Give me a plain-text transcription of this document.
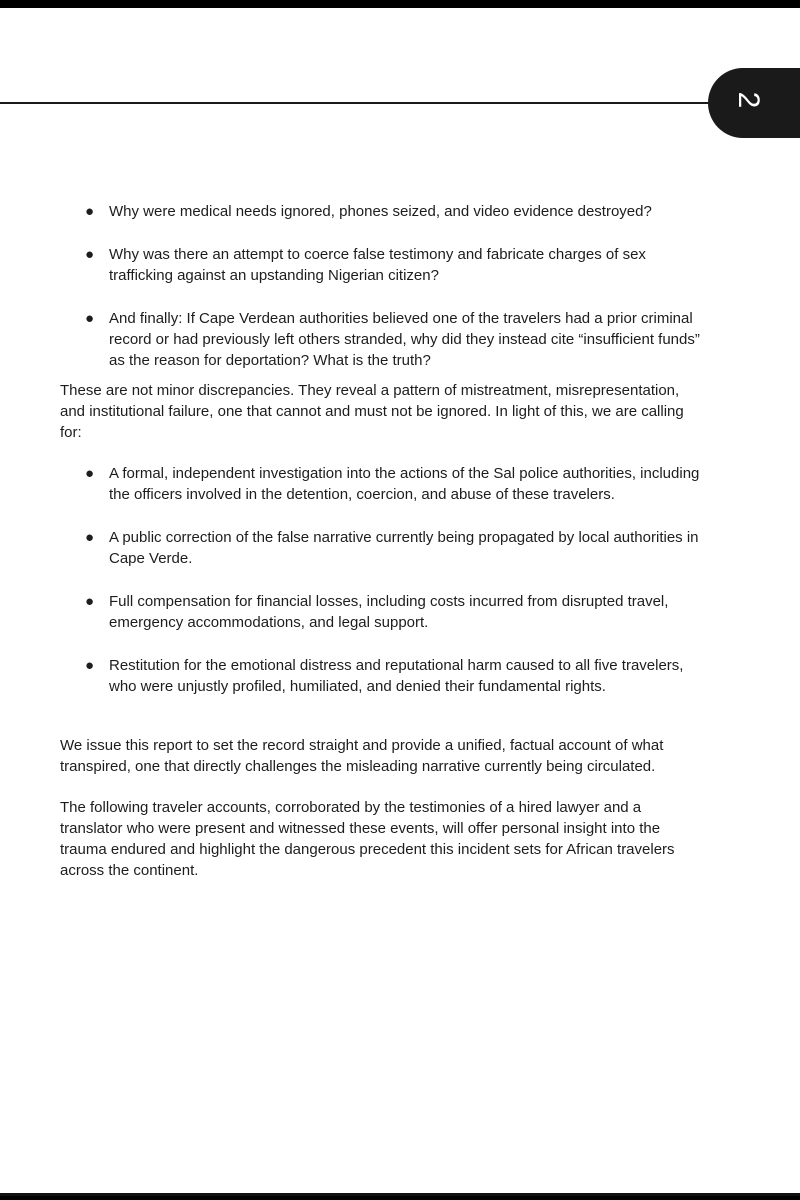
2
● Why were medical needs ignored, phones seized, and video evidence destroyed?
● Why was there an attempt to coerce false testimony and fabricate charges of sex trafficking against an upstanding Nigerian citizen?
● And finally: If Cape Verdean authorities believed one of the travelers had a prior criminal record or had previously left others stranded, why did they instead cite “insufficient funds” as the reason for deportation? What is the truth?

These are not minor discrepancies. They reveal a pattern of mistreatment, misrepresentation, and institutional failure, one that cannot and must not be ignored. In light of this, we are calling for:

● A formal, independent investigation into the actions of the Sal police authorities, including the officers involved in the detention, coercion, and abuse of these travelers.
● A public correction of the false narrative currently being propagated by local authorities in Cape Verde.
● Full compensation for financial losses, including costs incurred from disrupted travel, emergency accommodations, and legal support.
● Restitution for the emotional distress and reputational harm caused to all five travelers, who were unjustly profiled, humiliated, and denied their fundamental rights.

We issue this report to set the record straight and provide a unified, factual account of what transpired, one that directly challenges the misleading narrative currently being circulated.

The following traveler accounts, corroborated by the testimonies of a hired lawyer and a translator who were present and witnessed these events, will offer personal insight into the trauma endured and highlight the dangerous precedent this incident sets for African travelers across the continent.
